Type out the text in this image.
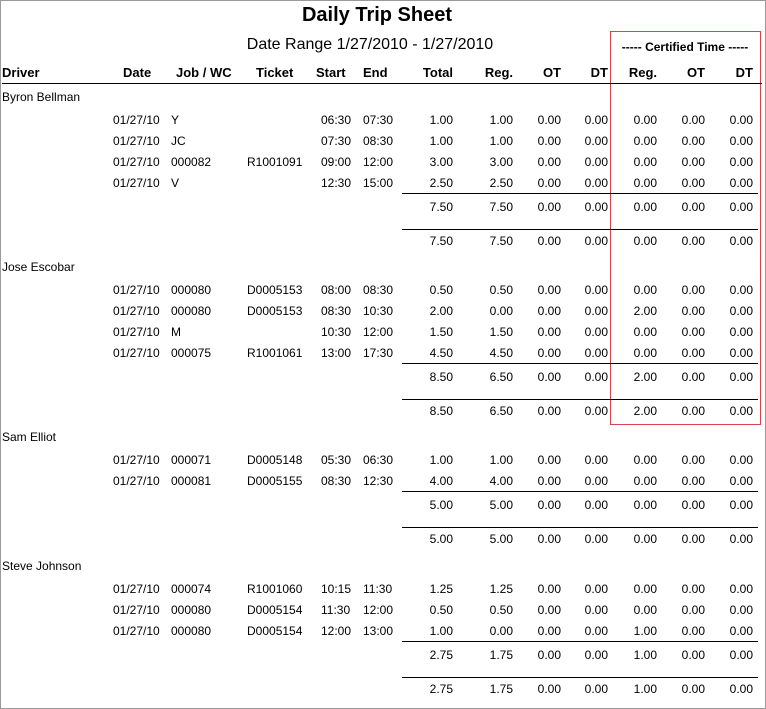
Daily Trip Sheet
Date Range 1/27/2010 - 1/27/2010	----- Certified Time -----
Driver	Date Job / WC Ticket Start End	Total	Reg.	OT	DT	Reg.	OT	DT
Byron Bellman
01/27/10 Y	06:30 07:30	1.00	1.00	0.00	0.00	0.00	0.00	0.00
01/27/10 JC	07:30 08:30	1.00	1.00	0.00	0.00	0.00	0.00	0.00
01/27/10 000082	R1001091 09:00 12:00	3.00	3.00	0.00	0.00	0.00	0.00	0.00
01/27/10 V	12:30 15:00	2.50	2.50	0.00	0.00	0.00	0.00	0.00
7.50	7.50	0.00	0.00	0.00	0.00	0.00
7.50	7.50	0.00	0.00	0.00	0.00	0.00
Jose Escobar
01/27/10 000080	D0005153 08:00 08:30	0.50	0.50	0.00	0.00	0.00	0.00	0.00
01/27/10 000080	D0005153 08:30 10:30	2.00	0.00	0.00	0.00	2.00	0.00	0.00
01/27/10 M	10:30 12:00	1.50	1.50	0.00	0.00	0.00	0.00	0.00
01/27/10 000075	R1001061 13:00 17:30	4.50	4.50	0.00	0.00	0.00	0.00	0.00
8.50	6.50	0.00	0.00	2.00	0.00	0.00
8.50	6.50	0.00	0.00	2.00	0.00	0.00
Sam Elliot
01/27/10 000071	D0005148 05:30 06:30	1.00	1.00	0.00	0.00	0.00	0.00	0.00
01/27/10 000081	D0005155 08:30 12:30	4.00	4.00	0.00	0.00	0.00	0.00	0.00
5.00	5.00	0.00	0.00	0.00	0.00	0.00
5.00	5.00	0.00	0.00	0.00	0.00	0.00
Steve Johnson
01/27/10 000074	R1001060 10:15 11:30	1.25	1.25	0.00	0.00	0.00	0.00	0.00
01/27/10 000080	D0005154 11:30 12:00	0.50	0.50	0.00	0.00	0.00	0.00	0.00
01/27/10 000080	D0005154 12:00 13:00	1.00	0.00	0.00	0.00	1.00	0.00	0.00
2.75	1.75	0.00	0.00	1.00	0.00	0.00
2.75	1.75	0.00	0.00	1.00	0.00	0.00
